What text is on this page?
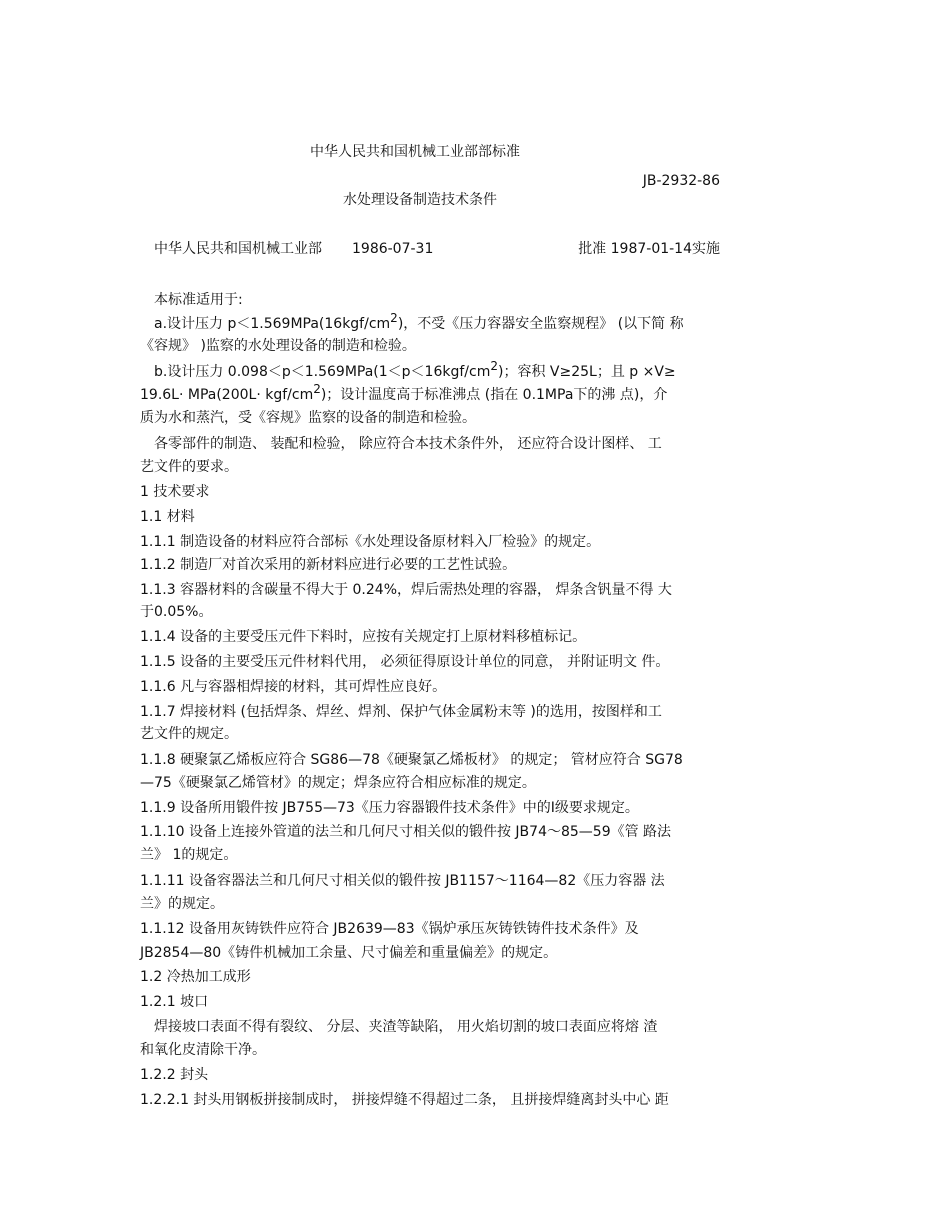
中华人民共和国机械工业部部标准
JB-2932-86
水处理设备制造技术条件
中华人民共和国机械工业部 1986-07-31	批准 1987-01-14实施
本标准适用于:
a.设计压力 $p<1.569MPa(16kgf/cm^2)$，不受《压力容器安全监察规程》 (以下简 称
《容规》 )监察的水处理设备的制造和检验。
b.设计压力 $0.098<p<1.569MPa(1<p<16kgf/cm^2)$；容积 V≥25L；且 p ×V≥
19.6L· MPa(200L· kgf/$cm^2$)；设计温度高于标准沸点 (指在 0.1MPa下的沸 点)，介
质为水和蒸汽，受《容规》监察的设备的制造和检验。
各零部件的制造、 装配和检验， 除应符合本技术条件外， 还应符合设计图样、 工
艺文件的要求。
1 技术要求
1.1 材料
1.1.1 制造设备的材料应符合部标《水处理设备原材料入厂检验》的规定。
1.1.2 制造厂对首次采用的新材料应进行必要的工艺性试验。
1.1.3 容器材料的含碳量不得大于 0.24%，焊后需热处理的容器， 焊条含钒量不得 大
于0.05%。
1.1.4 设备的主要受压元件下料时，应按有关规定打上原材料移植标记。
1.1.5 设备的主要受压元件材料代用， 必须征得原设计单位的同意， 并附证明文 件。
1.1.6 凡与容器相焊接的材料，其可焊性应良好。
1.1.7 焊接材料 (包括焊条、焊丝、焊剂、保护气体金属粉末等 )的选用，按图样和工
艺文件的规定。
1.1.8 硬聚氯乙烯板应符合 SG86—78《硬聚氯乙烯板材》 的规定； 管材应符合 SG78
—75《硬聚氯乙烯管材》的规定；焊条应符合相应标准的规定。
1.1.9 设备所用锻件按 JB755—73《压力容器锻件技术条件》中的Ⅰ级要求规定。
1.1.10 设备上连接外管道的法兰和几何尺寸相关似的锻件按 JB74～85—59《管 路法
兰》 1的规定。
1.1.11 设备容器法兰和几何尺寸相关似的锻件按 JB1157～1164—82《压力容器 法
兰》的规定。
1.1.12 设备用灰铸铁件应符合 JB2639—83《锅炉承压灰铸铁铸件技术条件》及
JB2854—80《铸件机械加工余量、尺寸偏差和重量偏差》的规定。
1.2 冷热加工成形
1.2.1 坡口
焊接坡口表面不得有裂纹、 分层、夹渣等缺陷， 用火焰切割的坡口表面应将熔 渣
和氧化皮清除干净。
1.2.2 封头
1.2.2.1 封头用钢板拼接制成时， 拼接焊缝不得超过二条， 且拼接焊缝离封头中心 距
